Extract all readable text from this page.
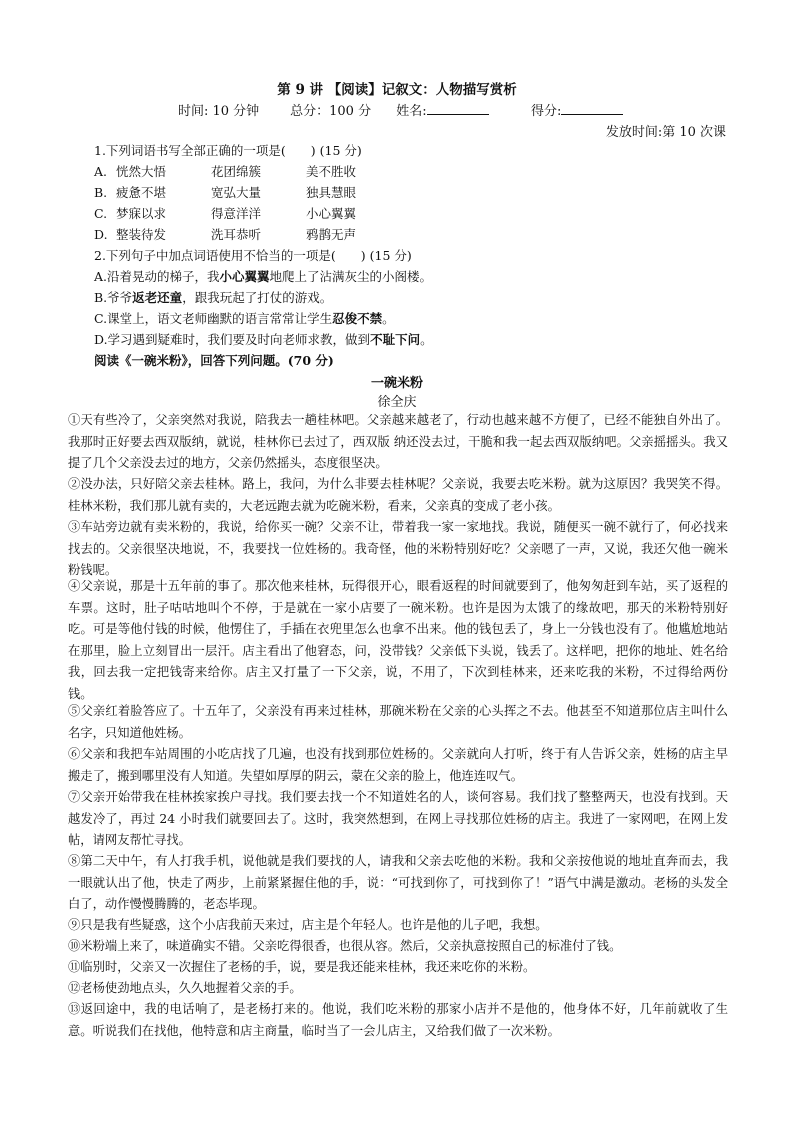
第 9 讲 【阅读】记叙文：人物描写赏析
时间: 10 分钟 总分：100 分 姓名:	得分:
发放时间:第 10 次课
1.下列词语书写全部正确的一项是(　　) (15 分)
A. 恍然大悟	花团绵簇	美不胜收
B. 疲惫不堪	宽弘大量	独具慧眼
C. 梦寐以求	得意洋洋	小心翼翼
D. 整装待发	洗耳恭听	鸦鹊无声
2.下列句子中加点词语使用不恰当的一项是(　　) (15 分)
A.沿着晃动的梯子，我小心翼翼地爬上了沾满灰尘的小阁楼。
B.爷爷返老还童，跟我玩起了打仗的游戏。
C.课堂上，语文老师幽默的语言常常让学生忍俊不禁。
D.学习遇到疑难时，我们要及时向老师求教，做到不耻下问。
阅读《一碗米粉》，回答下列问题。(70 分)
一碗米粉
徐全庆

①天有些冷了，父亲突然对我说，陪我去一趟桂林吧。父亲越来越老了，行动也越来越不方便了，已经不能独自外出了。我那时正好要去西双版纳，就说，桂林你已去过了，西双版 纳还没去过，干脆和我一起去西双版纳吧。父亲摇摇头。我又提了几个父亲没去过的地方，父亲仍然摇头，态度很坚决。

②没办法，只好陪父亲去桂林。路上，我问，为什么非要去桂林呢？父亲说，我要去吃米粉。就为这原因？我哭笑不得。桂林米粉，我们那儿就有卖的，大老远跑去就为吃碗米粉，看来，父亲真的变成了老小孩。

③车站旁边就有卖米粉的，我说，给你买一碗？父亲不让，带着我一家一家地找。我说，随便买一碗不就行了，何必找来找去的。父亲很坚决地说，不，我要找一位姓杨的。我奇怪，他的米粉特别好吃？父亲嗯了一声，又说，我还欠他一碗米粉钱呢。

④父亲说，那是十五年前的事了。那次他来桂林，玩得很开心，眼看返程的时间就要到了，他匆匆赶到车站，买了返程的车票。这时，肚子咕咕地叫个不停，于是就在一家小店要了一碗米粉。也许是因为太饿了的缘故吧，那天的米粉特别好吃。可是等他付钱的时候，他愣住了，手插在衣兜里怎么也拿不出来。他的钱包丢了，身上一分钱也没有了。他尴尬地站在那里，脸上立刻冒出一层汗。店主看出了他窘态，问，没带钱？父亲低下头说，钱丢了。这样吧，把你的地址、姓名给我，回去我一定把钱寄来给你。店主又打量了一下父亲，说，不用了，下次到桂林来，还来吃我的米粉，不过得给两份钱。

⑤父亲红着脸答应了。十五年了，父亲没有再来过桂林，那碗米粉在父亲的心头挥之不去。他甚至不知道那位店主叫什么名字，只知道他姓杨。

⑥父亲和我把车站周围的小吃店找了几遍，也没有找到那位姓杨的。父亲就向人打听，终于有人告诉父亲，姓杨的店主早搬走了，搬到哪里没有人知道。失望如厚厚的阴云，蒙在父亲的脸上，他连连叹气。

⑦父亲开始带我在桂林挨家挨户寻找。我们要去找一个不知道姓名的人，谈何容易。我们找了整整两天，也没有找到。天越发冷了，再过 24 小时我们就要回去了。这时，我突然想到，在网上寻找那位姓杨的店主。我进了一家网吧，在网上发帖，请网友帮忙寻找。

⑧第二天中午，有人打我手机，说他就是我们要找的人，请我和父亲去吃他的米粉。我和父亲按他说的地址直奔而去，我一眼就认出了他，快走了两步，上前紧紧握住他的手，说：“可找到你了，可找到你了！”语气中满是激动。老杨的头发全白了，动作慢慢腾腾的，老态毕现。

⑨只是我有些疑惑，这个小店我前天来过，店主是个年轻人。也许是他的儿子吧，我想。

⑩米粉端上来了，味道确实不错。父亲吃得很香，也很从容。然后，父亲执意按照自己的标准付了钱。

⑪临别时，父亲又一次握住了老杨的手，说，要是我还能来桂林，我还来吃你的米粉。

⑫老杨使劲地点头，久久地握着父亲的手。

⑬返回途中，我的电话响了，是老杨打来的。他说，我们吃米粉的那家小店并不是他的，他身体不好，几年前就收了生意。听说我们在找他，他特意和店主商量，临时当了一会儿店主，又给我们做了一次米粉。
